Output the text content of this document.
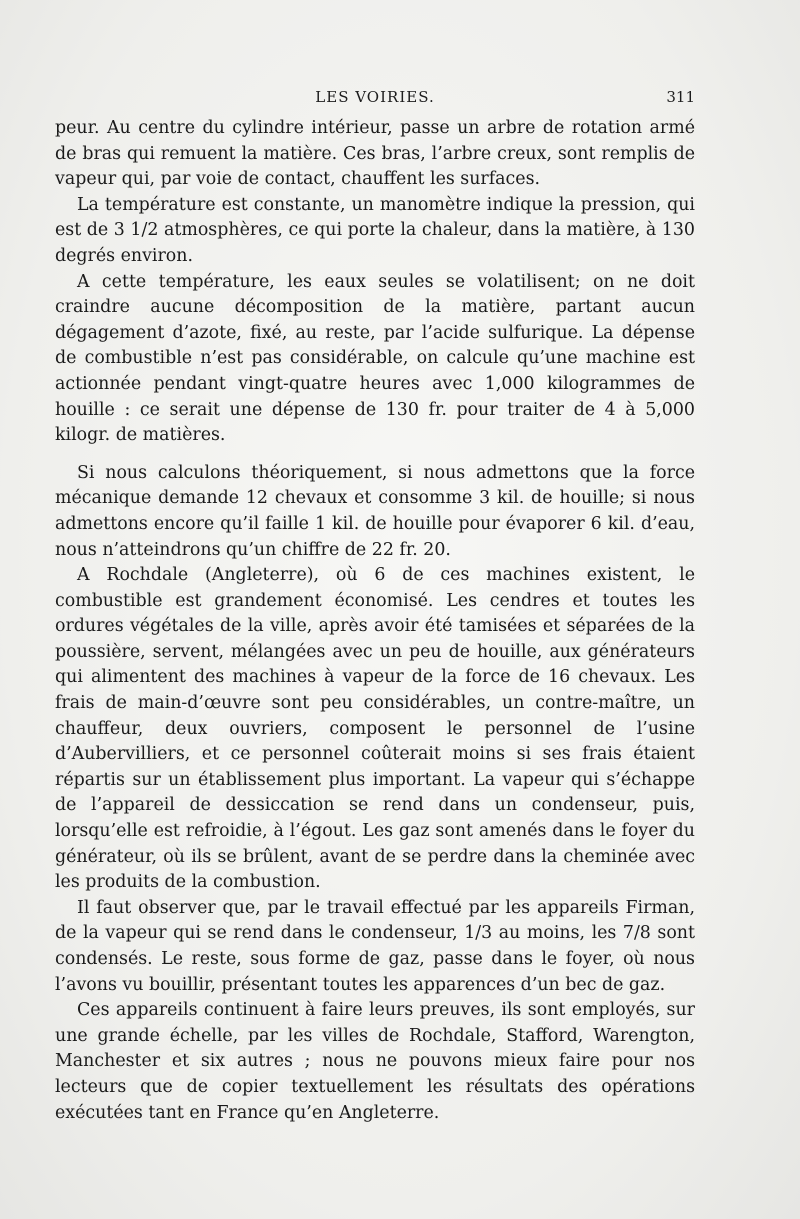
LES VOIRIES.	311

peur. Au centre du cylindre intérieur, passe un arbre de rotation armé de bras qui remuent la matière. Ces bras, l’arbre creux, sont remplis de vapeur qui, par voie de contact, chauffent les surfaces.

La température est constante, un manomètre indique la pression, qui est de 3 1/2 atmosphères, ce qui porte la chaleur, dans la matière, à 130 degrés environ.

A cette température, les eaux seules se volatilisent; on ne doit craindre aucune décomposition de la matière, partant aucun dégagement d’azote, fixé, au reste, par l’acide sulfurique. La dépense de combustible n’est pas considérable, on calcule qu’une machine est actionnée pendant vingt-quatre heures avec 1,000 kilogrammes de houille : ce serait une dépense de 130 fr. pour traiter de 4 à 5,000 kilogr. de matières.

Si nous calculons théoriquement, si nous admettons que la force mécanique demande 12 chevaux et consomme 3 kil. de houille; si nous admettons encore qu’il faille 1 kil. de houille pour évaporer 6 kil. d’eau, nous n’atteindrons qu’un chiffre de 22 fr. 20.

A Rochdale (Angleterre), où 6 de ces machines existent, le combustible est grandement économisé. Les cendres et toutes les ordures végétales de la ville, après avoir été tamisées et séparées de la poussière, servent, mélangées avec un peu de houille, aux générateurs qui alimentent des machines à vapeur de la force de 16 chevaux. Les frais de main-d’œuvre sont peu considérables, un contre-maître, un chauffeur, deux ouvriers, composent le personnel de l’usine d’Aubervilliers, et ce personnel coûterait moins si ses frais étaient répartis sur un établissement plus important. La vapeur qui s’échappe de l’appareil de dessiccation se rend dans un condenseur, puis, lorsqu’elle est refroidie, à l’égout. Les gaz sont amenés dans le foyer du générateur, où ils se brûlent, avant de se perdre dans la cheminée avec les produits de la combustion.

Il faut observer que, par le travail effectué par les appareils Firman, de la vapeur qui se rend dans le condenseur, 1/3 au moins, les 7/8 sont condensés. Le reste, sous forme de gaz, passe dans le foyer, où nous l’avons vu bouillir, présentant toutes les apparences d’un bec de gaz.

Ces appareils continuent à faire leurs preuves, ils sont employés, sur une grande échelle, par les villes de Rochdale, Stafford, Warengton, Manchester et six autres ; nous ne pouvons mieux faire pour nos lecteurs que de copier textuellement les résultats des opérations exécutées tant en France qu’en Angleterre.
